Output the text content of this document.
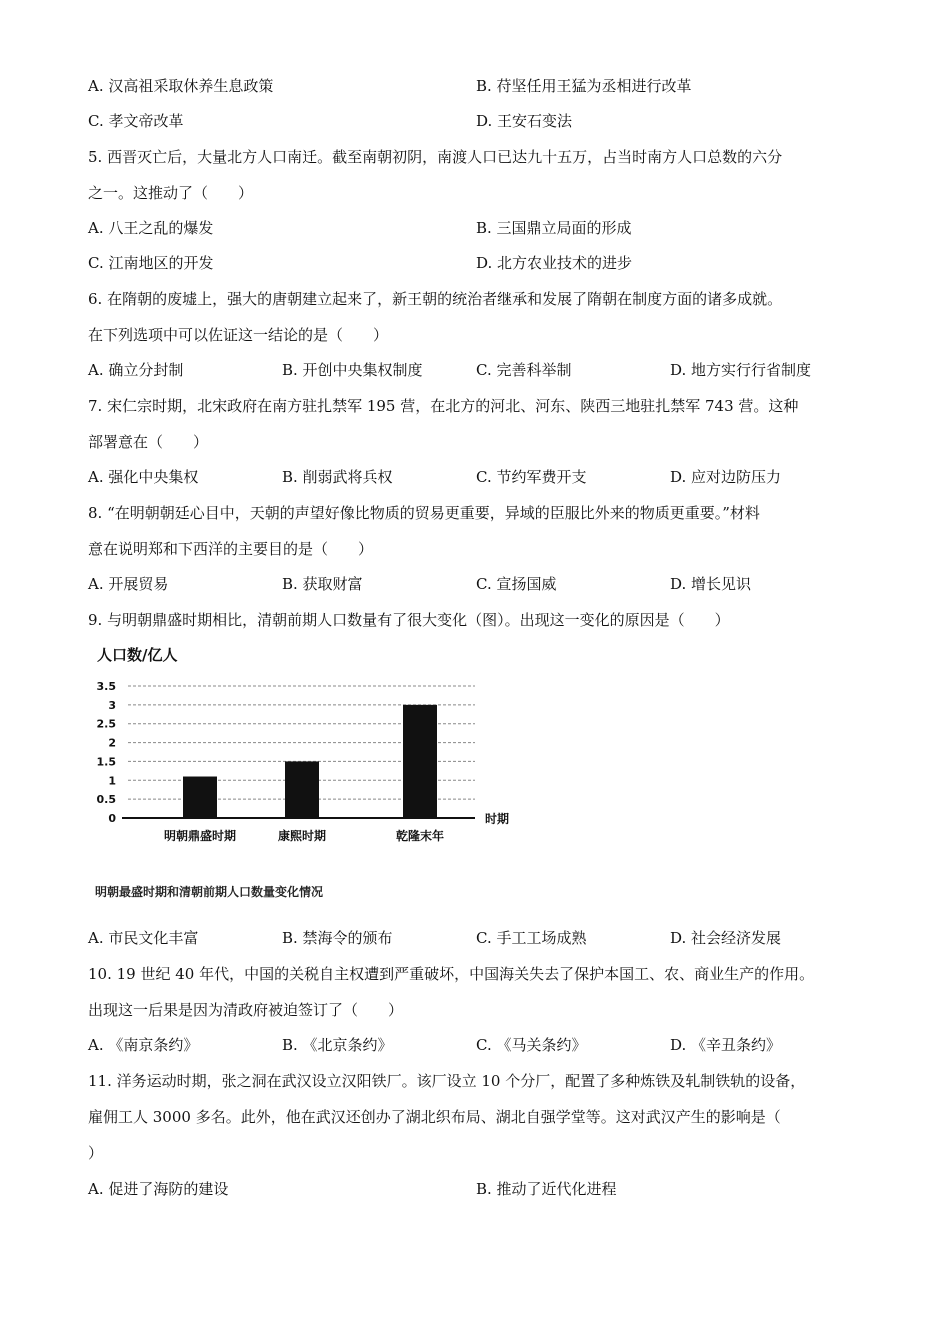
A. 汉高祖采取休养生息政策	B. 苻坚任用王猛为丞相进行改革
C. 孝文帝改革	D. 王安石变法
5. 西晋灭亡后，大量北方人口南迁。截至南朝初阴，南渡人口已达九十五万，占当时南方人口总数的六分
之一。这推动了（　　）
A. 八王之乱的爆发	B. 三国鼎立局面的形成
C. 江南地区的开发	D. 北方农业技术的进步
6. 在隋朝的废墟上，强大的唐朝建立起来了，新王朝的统治者继承和发展了隋朝在制度方面的诸多成就。
在下列选项中可以佐证这一结论的是（　　）
A. 确立分封制	B. 开创中央集权制度	C. 完善科举制	D. 地方实行行省制度
7. 宋仁宗时期，北宋政府在南方驻扎禁军 195 营，在北方的河北、河东、陕西三地驻扎禁军 743 营。这种
部署意在（　　）
A. 强化中央集权	B. 削弱武将兵权	C. 节约军费开支	D. 应对边防压力
8. “在明朝朝廷心目中，天朝的声望好像比物质的贸易更重要，异域的臣服比外来的物质更重要。”材料
意在说明郑和下西洋的主要目的是（　　）
A. 开展贸易	B. 获取财富	C. 宣扬国威	D. 增长见识
9. 与明朝鼎盛时期相比，清朝前期人口数量有了很大变化（图）。出现这一变化的原因是（　　）
人口数/亿人
0
0.5
1
1.5
2
2.5
3
3.5
时期
明朝鼎盛时期	康熙时期	乾隆末年
明朝最盛时期和清朝前期人口数量变化情况
A. 市民文化丰富	B. 禁海令的颁布	C. 手工工场成熟	D. 社会经济发展
10. 19 世纪 40 年代，中国的关税自主权遭到严重破坏，中国海关失去了保护本国工、农、商业生产的作用。
出现这一后果是因为清政府被迫签订了（　　）
A. 《南京条约》	B. 《北京条约》	C. 《马关条约》	D. 《辛丑条约》
11. 洋务运动时期，张之洞在武汉设立汉阳铁厂。该厂设立 10 个分厂，配置了多种炼铁及轧制铁轨的设备，
雇佣工人 3000 多名。此外，他在武汉还创办了湖北织布局、湖北自强学堂等。这对武汉产生的影响是（
）
A. 促进了海防的建设	B. 推动了近代化进程
